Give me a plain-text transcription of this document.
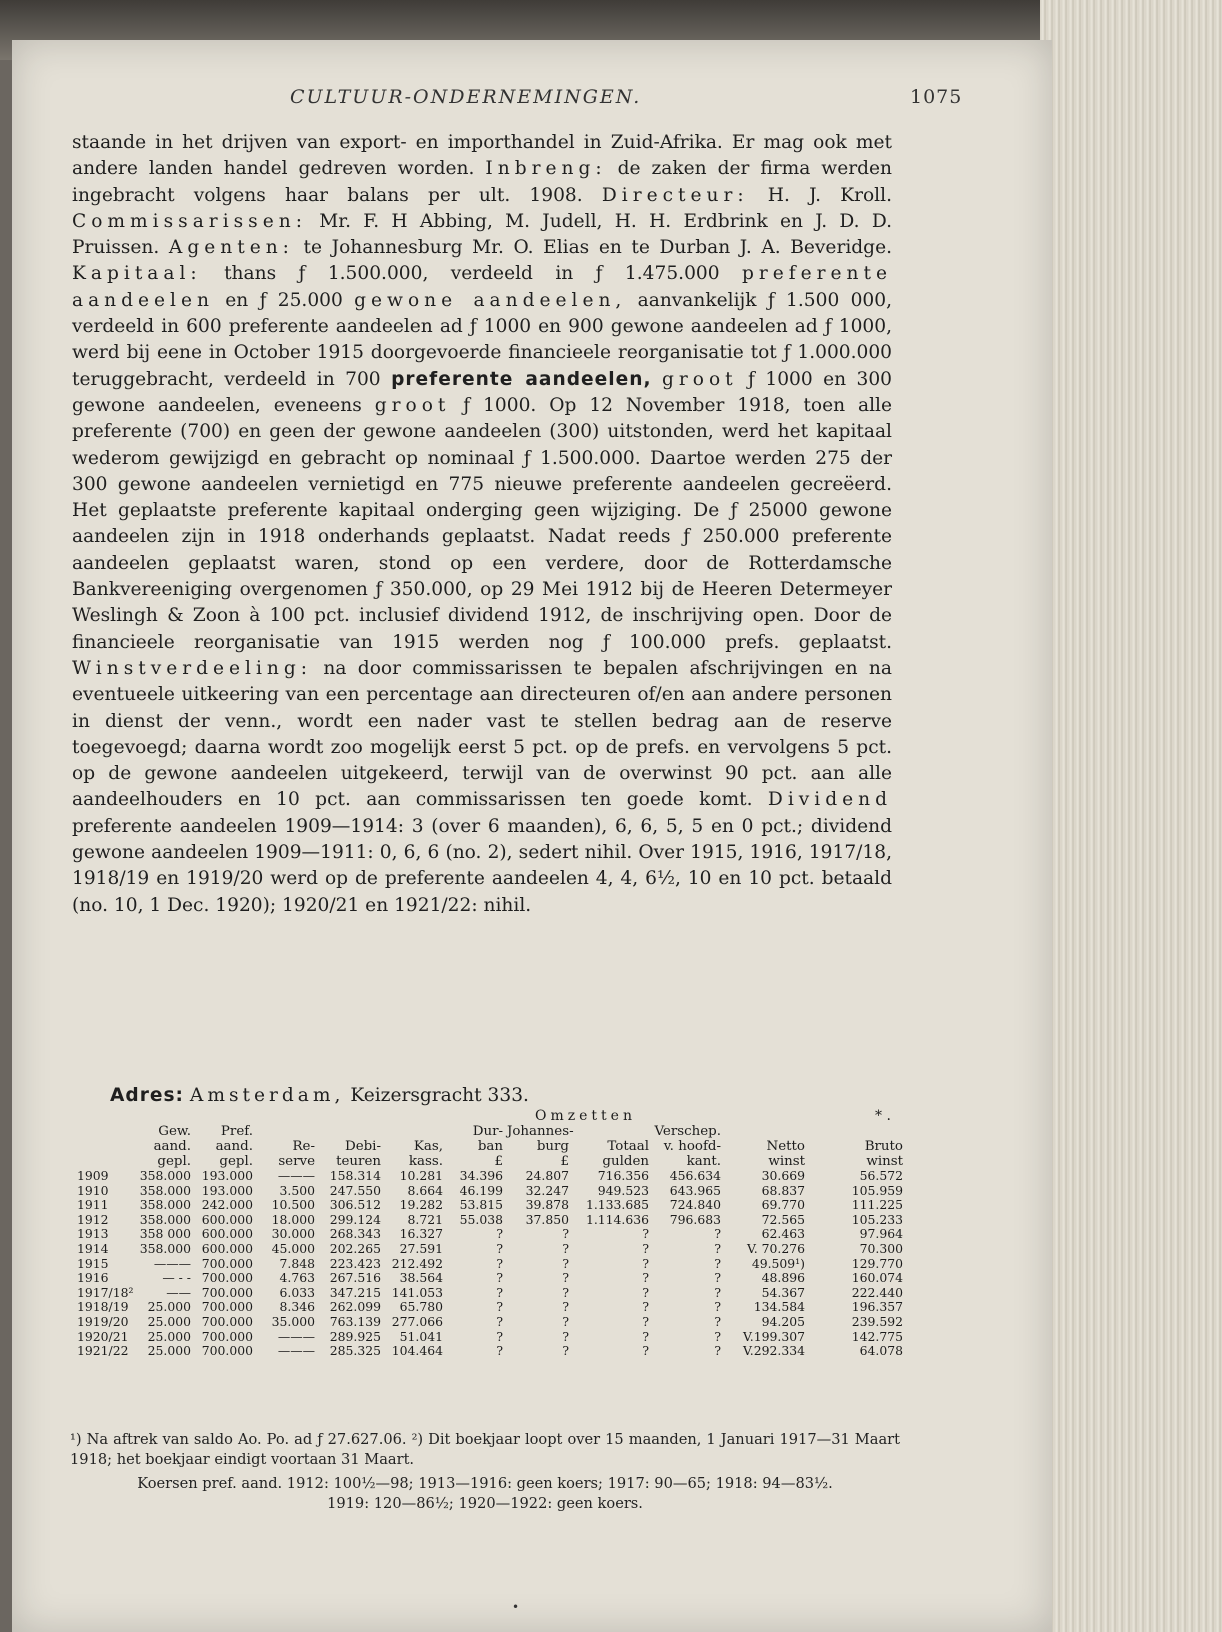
CULTUUR-ONDERNEMINGEN.	1075
staande in het drijven van export- en importhandel in Zuid-Afrika. Er mag ook met andere landen handel gedreven worden. Inbreng: de zaken der firma werden ingebracht volgens haar balans per ult. 1908. Directeur: H. J. Kroll. Commissarissen: Mr. F. H Abbing, M. Judell, H. H. Erdbrink en J. D. D. Pruissen. Agenten: te Johannesburg Mr. O. Elias en te Durban J. A. Beveridge. Kapitaal: thans ƒ 1.500.000, verdeeld in ƒ 1.475.000 preferente aandeelen en ƒ 25.000 gewone aandeelen, aanvankelijk ƒ 1.500 000, verdeeld in 600 preferente aandeelen ad ƒ 1000 en 900 gewone aandeelen ad ƒ 1000, werd bij eene in October 1915 doorgevoerde financieele reorganisatie tot ƒ 1.000.000 teruggebracht, verdeeld in 700 preferente aandeelen, groot ƒ 1000 en 300 gewone aandeelen, eveneens groot ƒ 1000. Op 12 November 1918, toen alle preferente (700) en geen der gewone aandeelen (300) uitstonden, werd het kapitaal wederom gewijzigd en gebracht op nominaal ƒ 1.500.000. Daartoe werden 275 der 300 gewone aandeelen vernietigd en 775 nieuwe preferente aandeelen gecreëerd. Het geplaatste preferente kapitaal onderging geen wijziging. De ƒ 25000 gewone aandeelen zijn in 1918 onderhands geplaatst. Nadat reeds ƒ 250.000 preferente aandeelen geplaatst waren, stond op een verdere, door de Rotterdamsche Bankvereeniging overgenomen ƒ 350.000, op 29 Mei 1912 bij de Heeren Determeyer Weslingh & Zoon à 100 pct. inclusief dividend 1912, de inschrijving open. Door de financieele reorganisatie van 1915 werden nog ƒ 100.000 prefs. geplaatst. Winstverdeeling: na door commissarissen te bepalen afschrijvingen en na eventueele uitkeering van een percentage aan directeuren of/en aan andere personen in dienst der venn., wordt een nader vast te stellen bedrag aan de reserve toegevoegd; daarna wordt zoo mogelijk eerst 5 pct. op de prefs. en vervolgens 5 pct. op de gewone aandeelen uitgekeerd, terwijl van de overwinst 90 pct. aan alle aandeelhouders en 10 pct. aan commissarissen ten goede komt. Dividend preferente aandeelen 1909—1914: 3 (over 6 maanden), 6, 6, 5, 5 en 0 pct.; dividend gewone aandeelen 1909—1911: 0, 6, 6 (no. 2), sedert nihil. Over 1915, 1916, 1917/18, 1918/19 en 1919/20 werd op de preferente aandeelen 4, 4, 6½, 10 en 10 pct. betaald (no. 10, 1 Dec. 1920); 1920/21 en 1921/22: nihil.
Adres: Amsterdam, Keizersgracht 333.
Omzetten	* .
	Gew.	Pref.				Dur-	Johannes-		Verschep.		
	aand.	aand.	Re-	Debi-	Kas,	ban	burg	Totaal	v. hoofd-	Netto	Bruto
	gepl.	gepl.	serve	teuren	kass.	£	£	gulden	kant.	winst	winst
1909	358.000	193.000	———	158.314	10.281	34.396	24.807	716.356	456.634	30.669	56.572
1910	358.000	193.000	3.500	247.550	8.664	46.199	32.247	949.523	643.965	68.837	105.959
1911	358.000	242.000	10.500	306.512	19.282	53.815	39.878	1.133.685	724.840	69.770	111.225
1912	358.000	600.000	18.000	299.124	8.721	55.038	37.850	1.114.636	796.683	72.565	105.233
1913	358 000	600.000	30.000	268.343	16.327	?	?	?	?	62.463	97.964
1914	358.000	600.000	45.000	202.265	27.591	?	?	?	?	V. 70.276	70.300
1915	———	700.000	7.848	223.423	212.492	?	?	?	?	49.509¹)	129.770
1916	— - -	700.000	4.763	267.516	38.564	?	?	?	?	48.896	160.074
1917/18²	——	700.000	6.033	347.215	141.053	?	?	?	?	54.367	222.440
1918/19	25.000	700.000	8.346	262.099	65.780	?	?	?	?	134.584	196.357
1919/20	25.000	700.000	35.000	763.139	277.066	?	?	?	?	94.205	239.592
1920/21	25.000	700.000	———	289.925	51.041	?	?	?	?	V.199.307	142.775
1921/22	25.000	700.000	———	285.325	104.464	?	?	?	?	V.292.334	64.078
¹) Na aftrek van saldo Ao. Po. ad ƒ 27.627.06. ²) Dit boekjaar loopt over 15 maanden, 1 Januari 1917—31 Maart 1918; het boekjaar eindigt voortaan 31 Maart.
Koersen pref. aand. 1912: 100½—98; 1913—1916: geen koers; 1917: 90—65; 1918: 94—83½.
1919: 120—86½; 1920—1922: geen koers.
•
